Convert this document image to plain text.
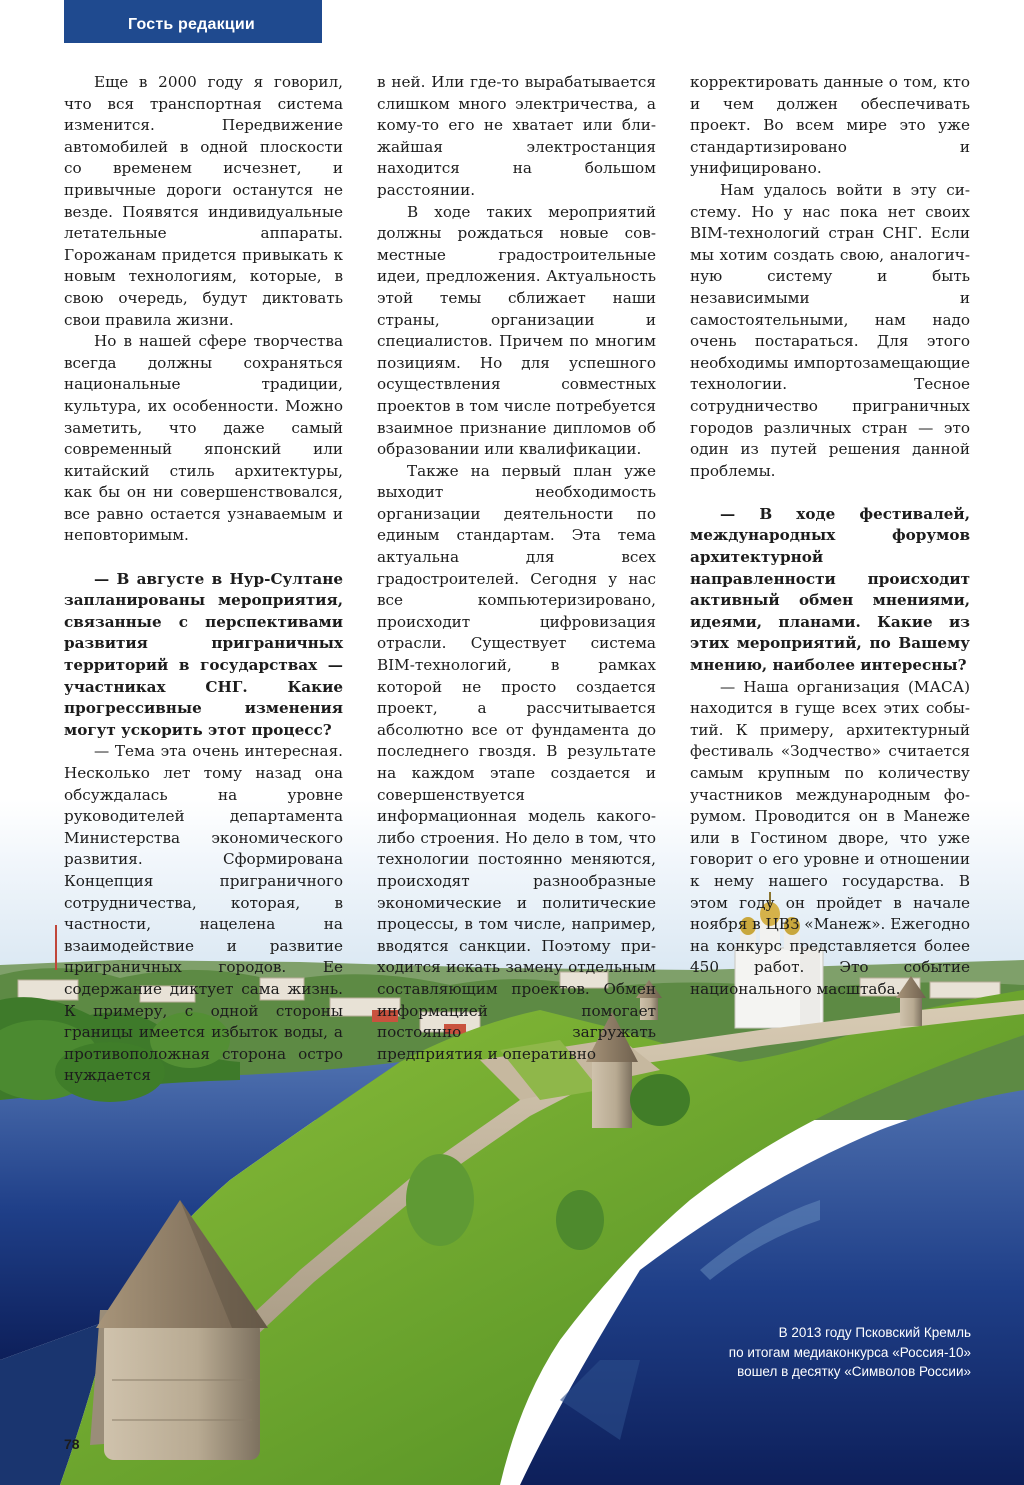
Гость редакции
В 2013 году Псковский Кремль
по итогам медиаконкурса «Россия-10»
вошел в десятку «Символов России»

Еще в 2000 году я говорил, что вся транспортная система изменится. Передвижение автомобилей в одной плоскости со временем исчезнет, и привычные дороги останутся не везде. Появятся индивидуальные летательные аппараты. Горожанам придется привыкать к новым технологиям, которые, в свою очередь, будут диктовать свои правила жизни.

Но в нашей сфере творчества всегда должны сохраняться национальные традиции, культура, их особенности. Можно заметить, что даже самый современный японский или китайский стиль архитектуры, как бы он ни совершенствовался, все равно остается узнаваемым и неповторимым.

— В августе в Нур-Султане запланированы мероприятия, связанные с перспективами развития приграничных территорий в государствах — участниках СНГ. Какие прогрессивные изменения могут ускорить этот процесс?

— Тема эта очень интересная. Несколько лет тому назад она обсуждалась на уровне руководителей департамента Министерства экономического развития. Сформирована Концепция приграничного сотрудничества, которая, в частности, нацелена на взаимодействие и развитие приграничных городов. Ее содержание диктует сама жизнь. К примеру, с одной стороны границы имеется избыток воды, а противоположная сторона остро нуждается

в ней. Или где-то вырабатывается слишком много электричества, а кому-то его не хватает или ближайшая электростанция находится на большом расстоянии.

В ходе таких мероприятий должны рождаться новые совместные градостроительные идеи, предложения. Актуальность этой темы сближает наши страны, организации и специалистов. Причем по многим позициям. Но для успешного осуществления совместных проектов в том числе потребуется взаимное признание дипломов об образовании или квалификации.

Также на первый план уже выходит необходимость организации деятельности по единым стандартам. Эта тема актуальна для всех градостроителей. Сегодня у нас все компьютеризировано, происходит цифровизация отрасли. Существует система BIM-технологий, в рамках которой не просто создается проект, а рассчитывается абсолютно все от фундамента до последнего гвоздя. В результате на каждом этапе создается и совершенствуется информационная модель какого-либо строения. Но дело в том, что технологии постоянно меняются, происходят разнообразные экономические и политические процессы, в том числе, например, вводятся санкции. Поэтому приходится искать замену отдельным составляющим проектов. Обмен информацией помогает постоянно загружать предприятия и оперативно

корректировать данные о том, кто и чем должен обеспечивать проект. Во всем мире это уже стандартизировано и унифицировано.

Нам удалось войти в эту систему. Но у нас пока нет своих BIM-технологий стран СНГ. Если мы хотим создать свою, аналогичную систему и быть независимыми и самостоятельными, нам надо очень постараться. Для этого необходимы импортозамещающие технологии. Тесное сотрудничество приграничных городов различных стран — это один из путей решения данной проблемы.

— В ходе фестивалей, международных форумов архитектурной направленности происходит активный обмен мнениями, идеями, планами. Какие из этих мероприятий, по Вашему мнению, наиболее интересны?

— Наша организация (МАСА) находится в гуще всех этих событий. К примеру, архитектурный фестиваль «Зодчество» считается самым крупным по количеству участников международным форумом. Проводится он в Манеже или в Гостином дворе, что уже говорит о его уровне и отношении к нему нашего государства. В этом году он пройдет в начале ноября в ЦВЗ «Манеж». Ежегодно на конкурс представляется более 450 работ. Это событие национального масштаба.

78
